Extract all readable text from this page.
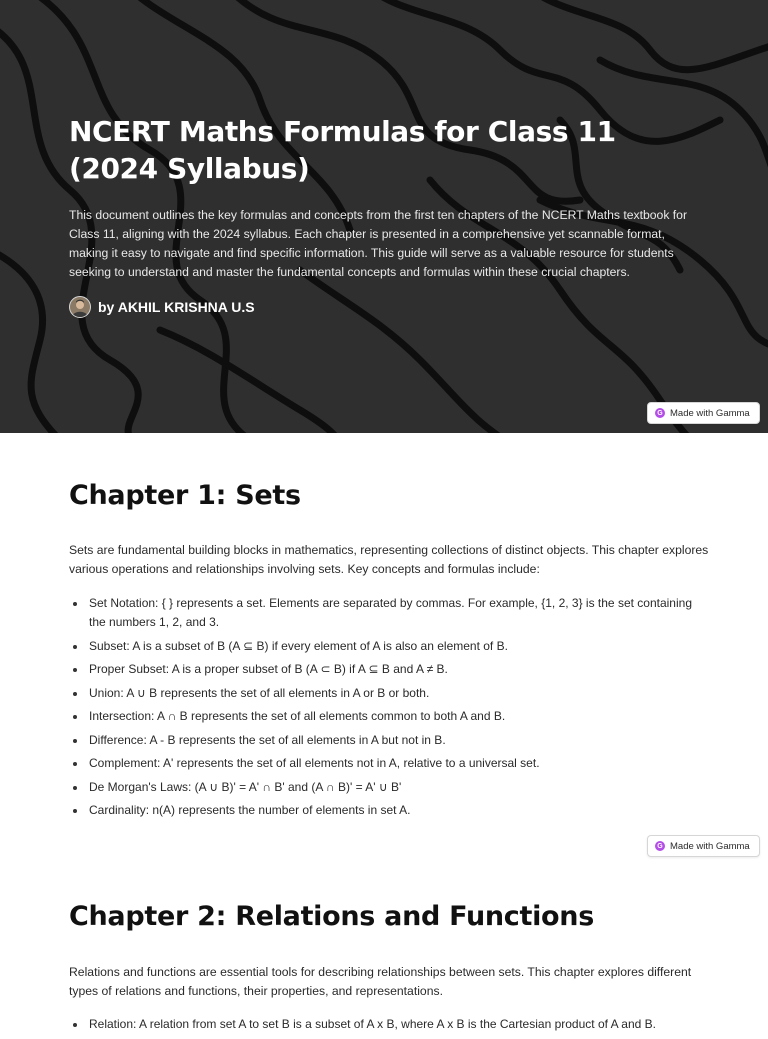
NCERT Maths Formulas for Class 11 (2024 Syllabus)

This document outlines the key formulas and concepts from the first ten chapters of the NCERT Maths textbook for Class 11, aligning with the 2024 syllabus. Each chapter is presented in a comprehensive yet scannable format, making it easy to navigate and find specific information. This guide will serve as a valuable resource for students seeking to understand and master the fundamental concepts and formulas within these crucial chapters.

by AKHIL KRISHNA U.S
G Made with Gamma
Chapter 1: Sets

Sets are fundamental building blocks in mathematics, representing collections of distinct objects. This chapter explores various operations and relationships involving sets. Key concepts and formulas include:

Set Notation: { } represents a set. Elements are separated by commas. For example, {1, 2, 3} is the set containing the numbers 1, 2, and 3.
Subset: A is a subset of B (A ⊆ B) if every element of A is also an element of B.
Proper Subset: A is a proper subset of B (A ⊂ B) if A ⊆ B and A ≠ B.
Union: A ∪ B represents the set of all elements in A or B or both.
Intersection: A ∩ B represents the set of all elements common to both A and B.
Difference: A - B represents the set of all elements in A but not in B.
Complement: A' represents the set of all elements not in A, relative to a universal set.
De Morgan's Laws: (A ∪ B)' = A' ∩ B' and (A ∩ B)' = A' ∪ B'
Cardinality: n(A) represents the number of elements in set A.
G Made with Gamma
Chapter 2: Relations and Functions

Relations and functions are essential tools for describing relationships between sets. This chapter explores different types of relations and functions, their properties, and representations.

Relation: A relation from set A to set B is a subset of A x B, where A x B is the Cartesian product of A and B.
